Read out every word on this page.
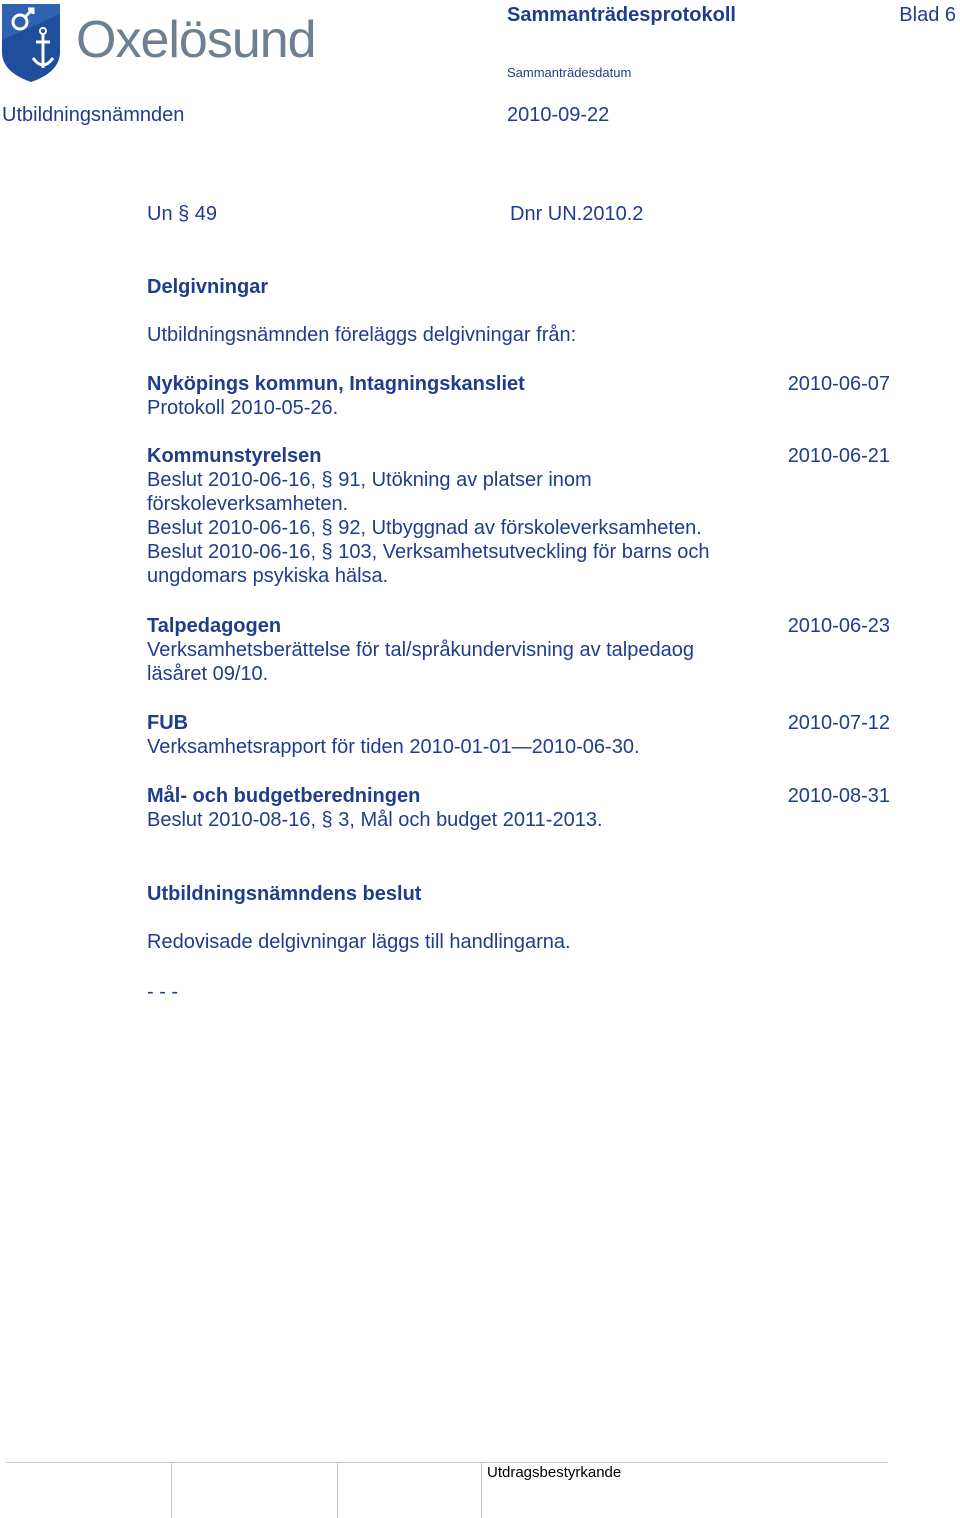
Oxelösund	Sammanträdesprotokoll	Blad 6
Sammanträdesdatum
Utbildningsnämnden	2010-09-22
Un § 49	Dnr UN.2010.2
Delgivningar
Utbildningsnämnden föreläggs delgivningar från:
Nyköpings kommun, Intagningskansliet	2010-06-07
Protokoll 2010-05-26.
Kommunstyrelsen	2010-06-21
Beslut 2010-06-16, § 91, Utökning av platser inom
förskoleverksamheten.
Beslut 2010-06-16, § 92, Utbyggnad av förskoleverksamheten.
Beslut 2010-06-16, § 103, Verksamhetsutveckling för barns och
ungdomars psykiska hälsa.
Talpedagogen	2010-06-23
Verksamhetsberättelse för tal/språkundervisning av talpedaog
läsåret 09/10.
FUB	2010-07-12
Verksamhetsrapport för tiden 2010-01-01—2010-06-30.
Mål- och budgetberedningen	2010-08-31
Beslut 2010-08-16, § 3, Mål och budget 2011-2013.
Utbildningsnämndens beslut
Redovisade delgivningar läggs till handlingarna.
- - -
Utdragsbestyrkande
